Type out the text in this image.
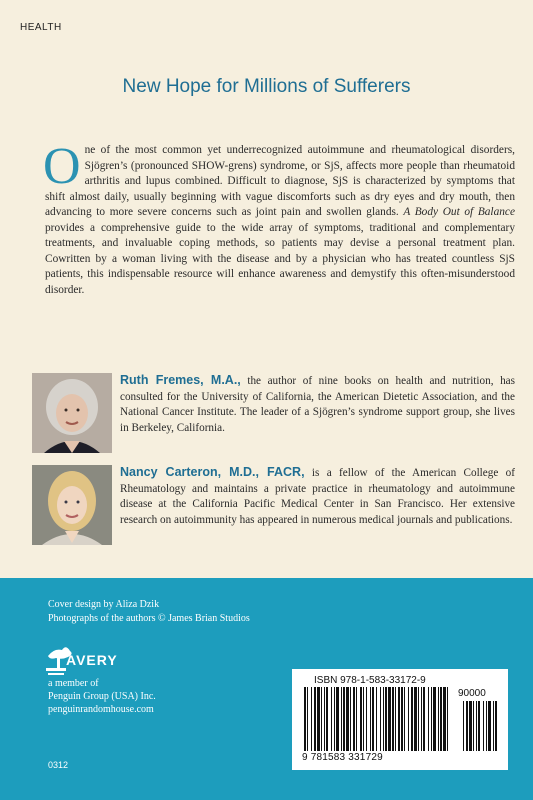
HEALTH
New Hope for Millions of Sufferers

One of the most common yet underrecognized autoimmune and rheumatological disorders, Sjögren’s (pronounced SHOW-grens) syndrome, or SjS, affects more people than rheumatoid arthritis and lupus combined. Difficult to diagnose, SjS is characterized by symptoms that shift almost daily, usually beginning with vague discomforts such as dry eyes and dry mouth, then advancing to more severe concerns such as joint pain and swollen glands. A Body Out of Balance provides a comprehensive guide to the wide array of symptoms, traditional and complementary treatments, and invaluable coping methods, so patients may devise a personal treatment plan. Cowritten by a woman living with the disease and by a physician who has treated countless SjS patients, this indispensable resource will enhance awareness and demystify this often-misunderstood disorder.

Ruth Fremes, M.A., the author of nine books on health and nutrition, has consulted for the University of California, the American Dietetic Association, and the National Cancer Institute. The leader of a Sjögren’s syndrome support group, she lives in Berkeley, California.

Nancy Carteron, M.D., FACR, is a fellow of the American College of Rheumatology and maintains a private practice in rheumatology and autoimmune disease at the California Pacific Medical Center in San Francisco. Her extensive research on autoimmunity has appeared in numerous medical journals and publications.

Cover design by Aliza Dzik
Photographs of the authors © James Brian Studios
AVERY
a member of
Penguin Group (USA) Inc.
penguinrandomhouse.com
0312
ISBN 978-1-583-33172-9
90000
9 781583 331729
